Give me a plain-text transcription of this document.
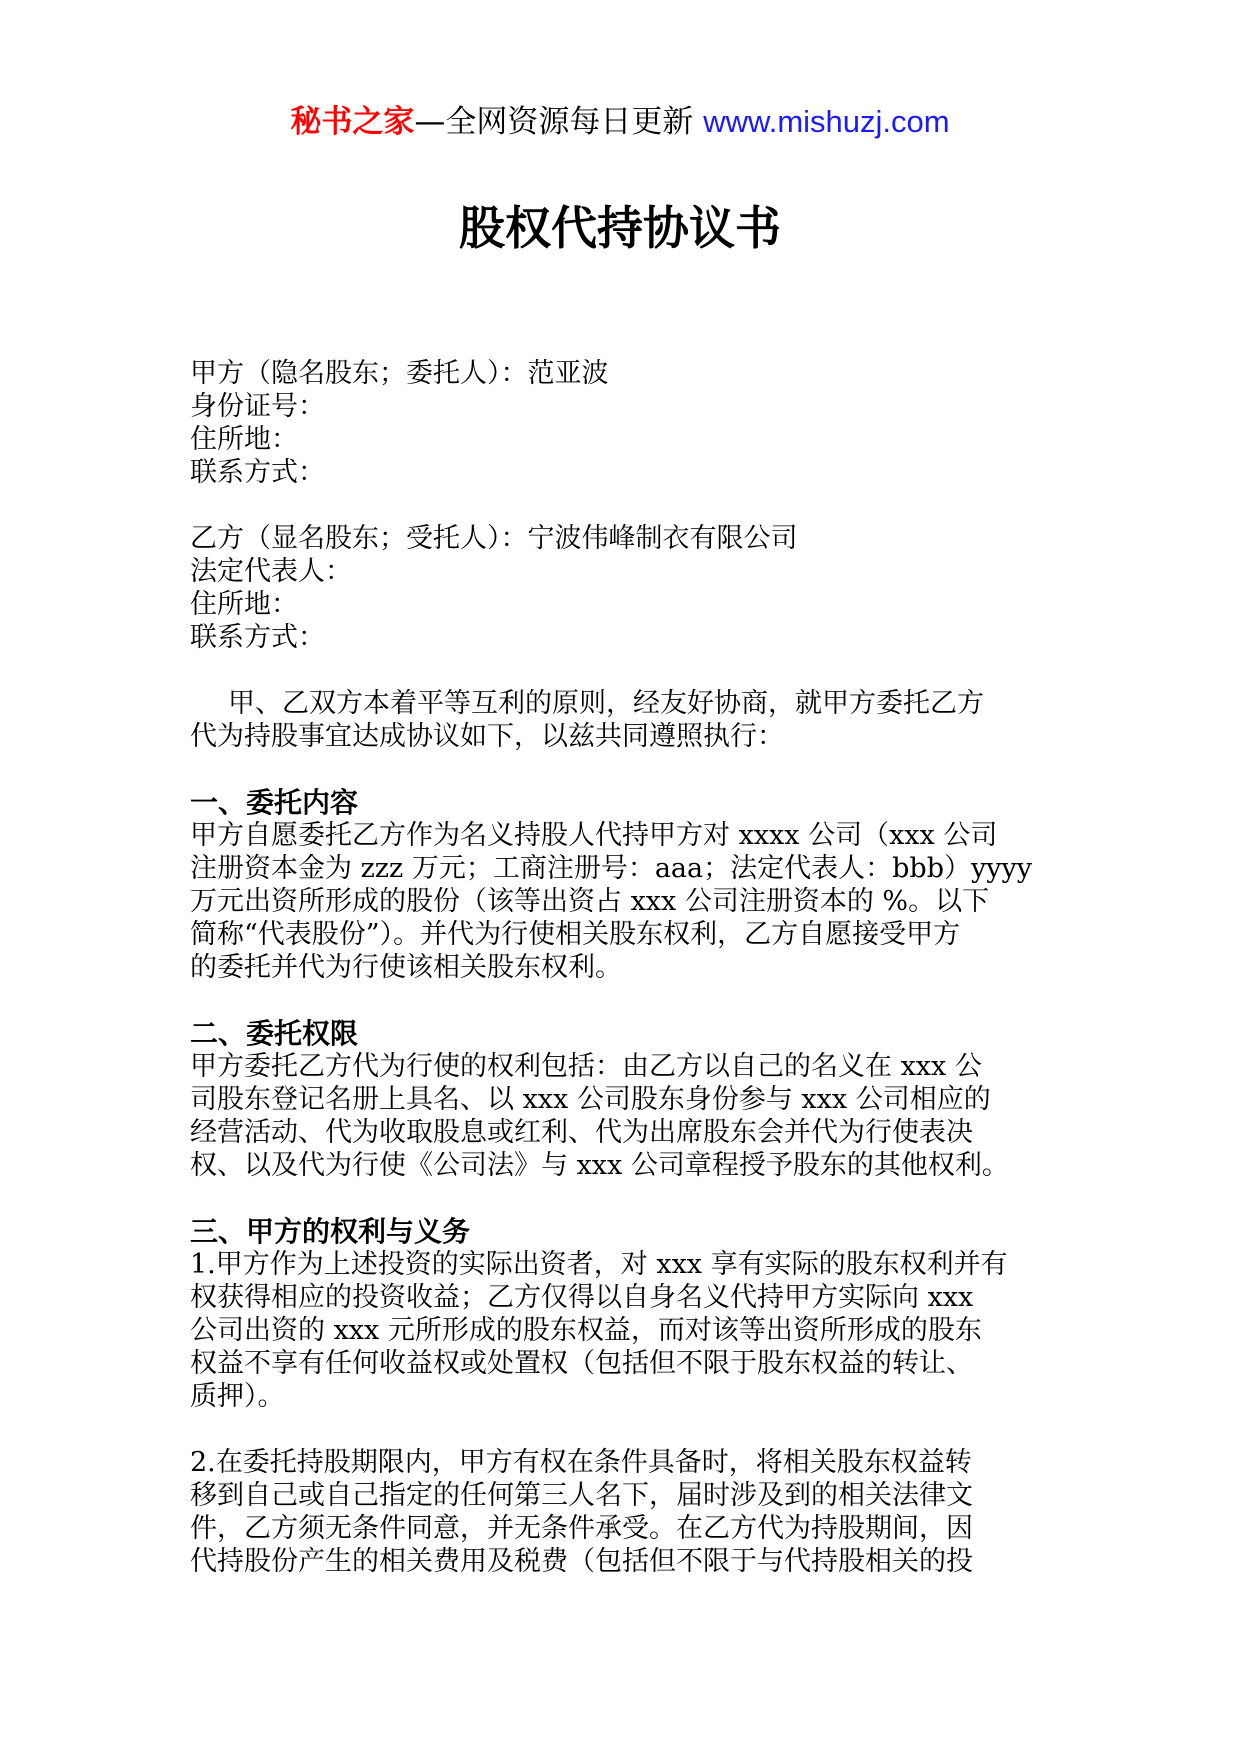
秘书之家—全网资源每日更新 www.mishuzj.com
股权代持协议书

甲方（隐名股东；委托人）：范亚波

身份证号：

住所地：

联系方式：

乙方（显名股东；受托人）：宁波伟峰制衣有限公司

法定代表人：

住所地：

联系方式：

甲、乙双方本着平等互利的原则，经友好协商，就甲方委托乙方

代为持股事宜达成协议如下，以兹共同遵照执行：

一、委托内容

甲方自愿委托乙方作为名义持股人代持甲方对 xxxx 公司（xxx 公司

注册资本金为 zzz 万元；工商注册号：aaa；法定代表人：bbb）yyyy

万元出资所形成的股份（该等出资占 xxx 公司注册资本的 %。以下

简称“代表股份”）。并代为行使相关股东权利，乙方自愿接受甲方

的委托并代为行使该相关股东权利。

二、委托权限

甲方委托乙方代为行使的权利包括：由乙方以自己的名义在 xxx 公

司股东登记名册上具名、以 xxx 公司股东身份参与 xxx 公司相应的

经营活动、代为收取股息或红利、代为出席股东会并代为行使表决

权、以及代为行使《公司法》与 xxx 公司章程授予股东的其他权利。

三、甲方的权利与义务

1.甲方作为上述投资的实际出资者，对 xxx 享有实际的股东权利并有

权获得相应的投资收益；乙方仅得以自身名义代持甲方实际向 xxx

公司出资的 xxx 元所形成的股东权益，而对该等出资所形成的股东

权益不享有任何收益权或处置权（包括但不限于股东权益的转让、

质押）。

2.在委托持股期限内，甲方有权在条件具备时，将相关股东权益转

移到自己或自己指定的任何第三人名下，届时涉及到的相关法律文

件，乙方须无条件同意，并无条件承受。在乙方代为持股期间，因

代持股份产生的相关费用及税费（包括但不限于与代持股相关的投
